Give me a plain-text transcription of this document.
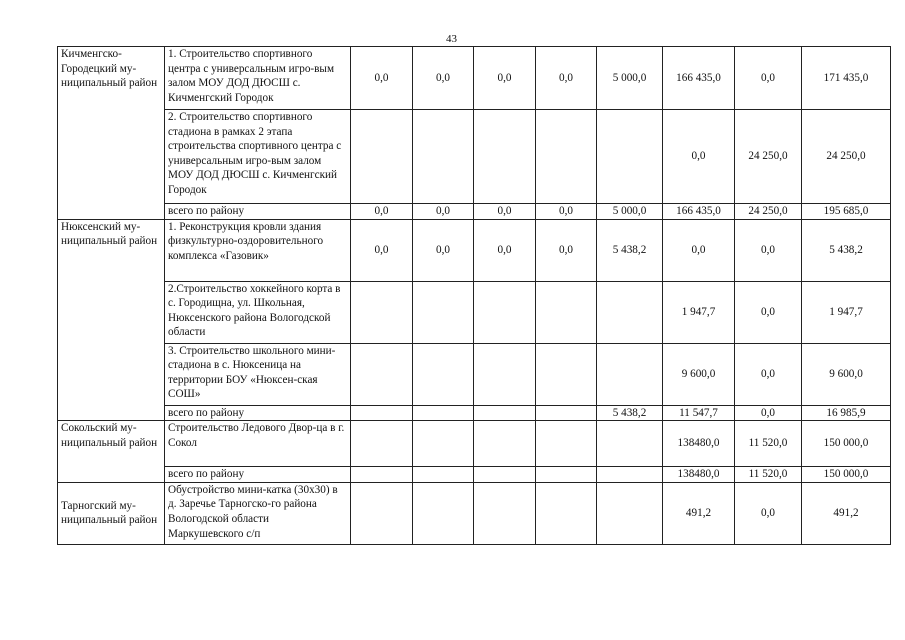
43
Кичменгско-Городецкий му-ниципальный район	1. Строительство спортивного центра с универсальным игро-вым залом МОУ ДОД ДЮСШ с. Кичменгский Городок	0,0	0,0	0,0	0,0	5 000,0	166 435,0	0,0	171 435,0
	2. Строительство спортивного стадиона в рамках 2 этапа строительства спортивного центра с универсальным игро-вым залом МОУ ДОД ДЮСШ с. Кичменгский Городок						0,0	24 250,0	24 250,0
	всего по району	0,0	0,0	0,0	0,0	5 000,0	166 435,0	24 250,0	195 685,0
Нюксенский му-ниципальный район	1. Реконструкция кровли здания физкультурно-оздоровительного комплекса «Газовик»	0,0	0,0	0,0	0,0	5 438,2	0,0	0,0	5 438,2
	2.Строительство хоккейного корта в с. Городищна, ул. Школьная, Нюксенского района Вологодской области						1 947,7	0,0	1 947,7
	3. Строительство школьного мини-стадиона в с. Нюксеница на территории БОУ «Нюксен-ская СОШ»						9 600,0	0,0	9 600,0
	всего по району					5 438,2	11 547,7	0,0	16 985,9
Сокольский му-ниципальный район	Строительство Ледового Двор-ца в г. Сокол						138480,0	11 520,0	150 000,0
	всего по району						138480,0	11 520,0	150 000,0
Тарногский му-ниципальный район	Обустройство мини-катка (30х30) в д. Заречье Тарногско-го района Вологодской области Маркушевского с/п						491,2	0,0	491,2
